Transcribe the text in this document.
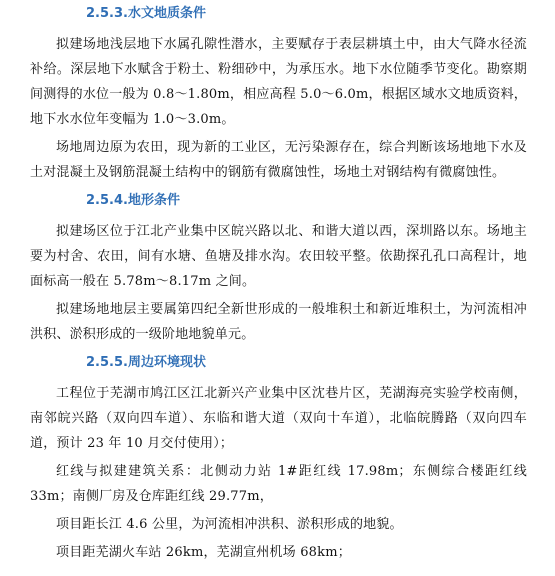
2.5.3.水文地质条件

拟建场地浅层地下水属孔隙性潜水，主要赋存于表层耕填土中，由大气降水径流补给。深层地下水赋含于粉土、粉细砂中，为承压水。地下水位随季节变化。勘察期间测得的水位一般为 0.8～1.80m，相应高程 5.0～6.0m，根据区域水文地质资料，地下水水位年变幅为 1.0～3.0m。

场地周边原为农田，现为新的工业区，无污染源存在，综合判断该场地地下水及土对混凝土及钢筋混凝土结构中的钢筋有微腐蚀性，场地土对钢结构有微腐蚀性。

2.5.4.地形条件

拟建场区位于江北产业集中区皖兴路以北、和谐大道以西，深圳路以东。场地主要为村舍、农田，间有水塘、鱼塘及排水沟。农田较平整。依勘探孔孔口高程计，地面标高一般在 5.78m～8.17m 之间。

拟建场地地层主要属第四纪全新世形成的一般堆积土和新近堆积土，为河流相冲洪积、淤积形成的一级阶地地貌单元。

2.5.5.周边环境现状

工程位于芜湖市鸠江区江北新兴产业集中区沈巷片区，芜湖海亮实验学校南侧，南邻皖兴路（双向四车道）、东临和谐大道（双向十车道），北临皖腾路（双向四车道，预计 23 年 10 月交付使用）；

红线与拟建建筑关系：北侧动力站 1#距红线 17.98m；东侧综合楼距红线 33m；南侧厂房及仓库距红线 29.77m，

项目距长江 4.6 公里，为河流相冲洪积、淤积形成的地貌。

项目距芜湖火车站 26km，芜湖宣州机场 68km；
